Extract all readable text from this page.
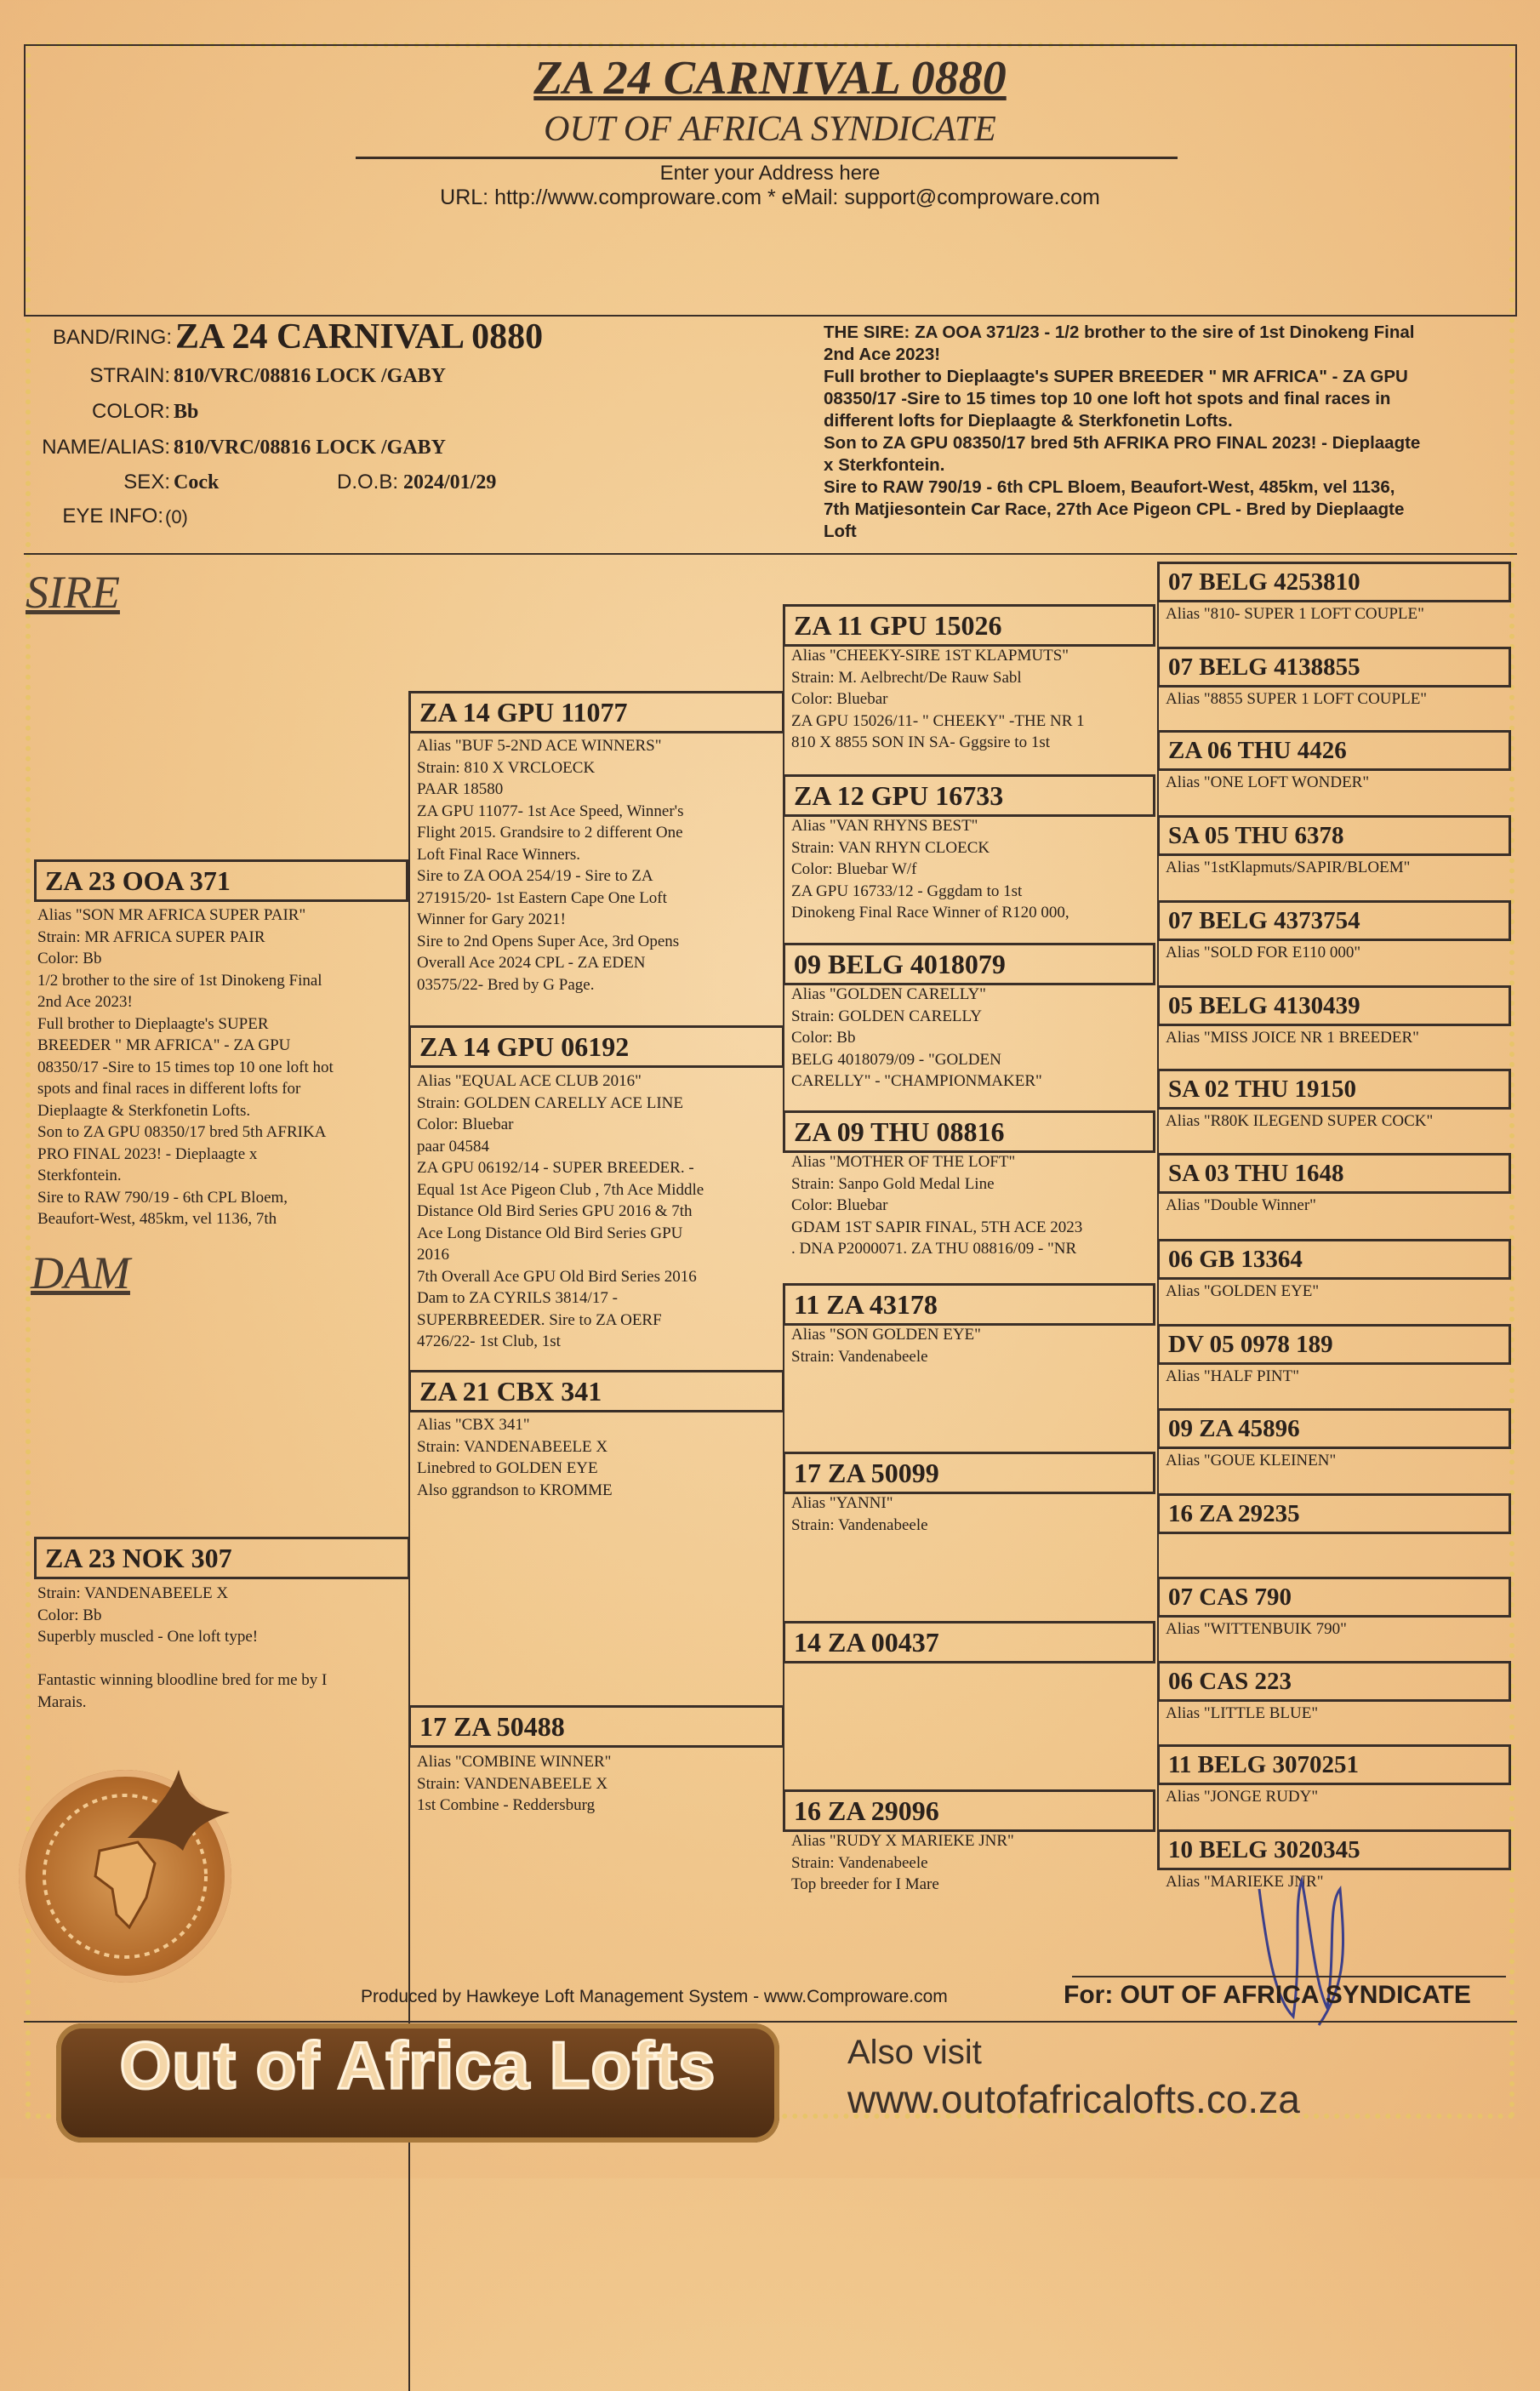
ZA 24 CARNIVAL 0880
OUT OF AFRICA SYNDICATE
Enter your Address here
URL: http://www.comproware.com * eMail: support@comproware.com
BAND/RING: ZA 24 CARNIVAL 0880
STRAIN: 810/VRC/08816 LOCK /GABY
COLOR: Bb
NAME/ALIAS: 810/VRC/08816 LOCK /GABY
SEX: Cock	D.O.B: 2024/01/29
EYE INFO: (0)
THE SIRE: ZA OOA 371/23 - 1/2 brother to the sire of 1st Dinokeng Final
2nd Ace 2023!
Full brother to Dieplaagte's SUPER BREEDER " MR AFRICA" - ZA GPU
08350/17 -Sire to 15 times top 10 one loft hot spots and final races in
different lofts for Dieplaagte & Sterkfonetin Lofts.
Son to ZA GPU 08350/17 bred 5th AFRIKA PRO FINAL 2023! - Dieplaagte
x Sterkfontein.
Sire to RAW 790/19 - 6th CPL Bloem, Beaufort-West, 485km, vel 1136,
7th Matjiesontein Car Race, 27th Ace Pigeon CPL - Bred by Dieplaagte
Loft
SIRE
DAM
ZA 23 OOA 371
Alias "SON MR AFRICA SUPER PAIR"
Strain: MR AFRICA SUPER PAIR
Color: Bb
1/2 brother to the sire of 1st Dinokeng Final
2nd Ace 2023!
Full brother to Dieplaagte's SUPER
BREEDER " MR AFRICA" - ZA GPU
08350/17 -Sire to 15 times top 10 one loft hot
spots and final races in different lofts for
Dieplaagte & Sterkfonetin Lofts.
Son to ZA GPU 08350/17 bred 5th AFRIKA
PRO FINAL 2023! - Dieplaagte x
Sterkfontein.
Sire to RAW 790/19 - 6th CPL Bloem,
Beaufort-West, 485km, vel 1136, 7th
ZA 23 NOK 307
Strain: VANDENABEELE X
Color: Bb
Superbly muscled - One loft type!

Fantastic winning bloodline bred for me by I
Marais.
ZA 14 GPU 11077
Alias "BUF 5-2ND ACE WINNERS"
Strain: 810 X VRCLOECK
PAAR 18580
ZA GPU 11077- 1st Ace Speed, Winner's
Flight 2015. Grandsire to 2 different One
Loft Final Race Winners.
Sire to ZA OOA 254/19 - Sire to ZA
271915/20- 1st Eastern Cape One Loft
Winner for Gary 2021!
Sire to 2nd Opens Super Ace, 3rd Opens
Overall Ace 2024 CPL - ZA EDEN
03575/22- Bred by G Page.
ZA 14 GPU 06192
Alias "EQUAL ACE CLUB 2016"
Strain: GOLDEN CARELLY ACE LINE
Color: Bluebar
paar 04584
ZA GPU 06192/14 - SUPER BREEDER. -
Equal 1st Ace Pigeon Club , 7th Ace Middle
Distance Old Bird Series GPU 2016 & 7th
Ace Long Distance Old Bird Series GPU
2016
7th Overall Ace GPU Old Bird Series 2016
Dam to ZA CYRILS 3814/17 -
SUPERBREEDER. Sire to ZA OERF
4726/22- 1st Club, 1st
ZA 21 CBX 341
Alias "CBX 341"
Strain: VANDENABEELE X
Linebred to GOLDEN EYE
Also ggrandson to KROMME
17 ZA 50488
Alias "COMBINE WINNER"
Strain: VANDENABEELE X
1st Combine - Reddersburg
ZA 11 GPU 15026
Alias "CHEEKY-SIRE 1ST KLAPMUTS"
Strain: M. Aelbrecht/De Rauw Sabl
Color: Bluebar
ZA GPU 15026/11- " CHEEKY" -THE NR 1
810 X 8855 SON IN SA- Gggsire to 1st
ZA 12 GPU 16733
Alias "VAN RHYNS BEST"
Strain: VAN RHYN CLOECK
Color: Bluebar W/f
ZA GPU 16733/12 - Gggdam to 1st
Dinokeng Final Race Winner of R120 000,
09 BELG 4018079
Alias "GOLDEN CARELLY"
Strain: GOLDEN CARELLY
Color: Bb
BELG 4018079/09 - "GOLDEN
CARELLY" - "CHAMPIONMAKER"
ZA 09 THU 08816
Alias "MOTHER OF THE LOFT"
Strain: Sanpo Gold Medal Line
Color: Bluebar
GDAM 1ST SAPIR FINAL, 5TH ACE 2023
. DNA P2000071. ZA THU 08816/09 - "NR
11 ZA 43178
Alias "SON GOLDEN EYE"
Strain: Vandenabeele
17 ZA 50099
Alias "YANNI"
Strain: Vandenabeele
14 ZA 00437
16 ZA 29096
Alias "RUDY X MARIEKE JNR"
Strain: Vandenabeele
Top breeder for I Mare
07 BELG 4253810
Alias "810- SUPER 1 LOFT COUPLE"
07 BELG 4138855
Alias "8855 SUPER 1 LOFT COUPLE"
ZA 06 THU 4426
Alias "ONE LOFT WONDER"
SA 05 THU 6378
Alias "1stKlapmuts/SAPIR/BLOEM"
07 BELG 4373754
Alias "SOLD FOR E110 000"
05 BELG 4130439
Alias "MISS JOICE NR 1 BREEDER"
SA 02 THU 19150
Alias "R80K ILEGEND SUPER COCK"
SA 03 THU 1648
Alias "Double Winner"
06 GB 13364
Alias "GOLDEN EYE"
DV 05 0978 189
Alias "HALF PINT"
09 ZA 45896
Alias "GOUE KLEINEN"
16 ZA 29235
07 CAS 790
Alias "WITTENBUIK 790"
06 CAS 223
Alias "LITTLE BLUE"
11 BELG 3070251
Alias "JONGE RUDY"
10 BELG 3020345
Alias "MARIEKE JNR"
Produced by Hawkeye Loft Management System - www.Comproware.com	For: OUT OF AFRICA SYNDICATE
Out of Africa Lofts	Also visit
www.outofafricalofts.co.za
